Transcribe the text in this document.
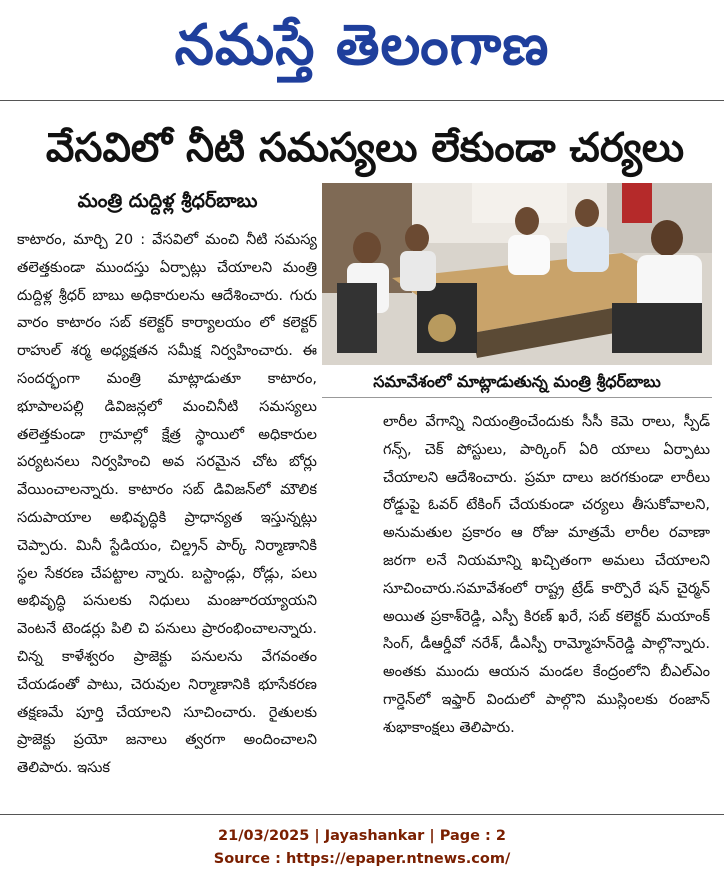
నమస్తే తెలంగాణ
వేసవిలో నీటి సమస్యలు లేకుండా చర్యలు
మంత్రి దుద్దిళ్ల శ్రీధర్‌బాబు
కాటారం, మార్చి 20 : వేసవిలో మంచి నీటి సమస్య తలెత్తకుండా ముందస్తు ఏర్పాట్లు చేయాలని మంత్రి దుద్దిళ్ల శ్రీధర్ బాబు అధికారులను ఆదేశించారు. గురు వారం కాటారం సబ్ కలెక్టర్ కార్యాలయం లో కలెక్టర్ రాహుల్ శర్మ అధ్యక్షతన సమీక్ష నిర్వహించారు. ఈ సందర్భంగా మంత్రి మాట్లాడుతూ కాటారం, భూపాలపల్లి డివిజన్లలో మంచినీటి సమస్యలు తలెత్తకుండా గ్రామాల్లో క్షేత్ర స్థాయిలో అధికారుల పర్యటనలు నిర్వహించి అవ సరమైన చోట బోర్లు వేయించాలన్నారు. కాటారం సబ్ డివిజన్‌లో మౌలిక సదుపాయాల అభివృద్ధికి ప్రాధాన్యత ఇస్తున్నట్లు చెప్పారు. మినీ స్టేడియం, చిల్డ్రన్ పార్క్ నిర్మాణానికి స్థల సేకరణ చేపట్టాల న్నారు. బస్టాండ్లు, రోడ్లు, పలు అభివృద్ధి పనులకు నిధులు మంజూరయ్యాయని వెంటనే టెండర్లు పిలి చి పనులు ప్రారంభించాలన్నారు. చిన్న కాళేశ్వరం ప్రాజెక్టు పనులను వేగవంతం చేయడంతో పాటు, చెరువుల నిర్మాణానికి భూసేకరణ తక్షణమే పూర్తి చేయాలని సూచించారు. రైతులకు ప్రాజెక్టు ప్రయో జనాలు త్వరగా అందించాలని తెలిపారు. ఇసుక
సమావేశంలో మాట్లాడుతున్న మంత్రి శ్రీధర్‌బాబు
లారీల వేగాన్ని నియంత్రించేందుకు సీసీ కెమె రాలు, స్పీడ్ గన్స్, చెక్ పోస్టులు, పార్కింగ్ ఏరి యాలు ఏర్పాటు చేయాలని ఆదేశించారు. ప్రమా దాలు జరగకుండా లారీలు రోడ్డుపై ఓవర్ టేకింగ్ చేయకుండా చర్యలు తీసుకోవాలని, అనుమతుల ప్రకారం ఆ రోజు మాత్రమే లారీల రవాణా జరగా లనే నియమాన్ని ఖచ్చితంగా అమలు చేయాలని సూచించారు.సమావేశంలో రాష్ట్ర ట్రేడ్ కార్పొరే షన్ చైర్మన్ అయిత ప్రకాశ్‌రెడ్డి, ఎస్పీ కిరణ్ ఖరే, సబ్ కలెక్టర్ మయాంక్ సింగ్, డీఆర్డీవో నరేశ్, డీఎస్పీ రామ్మోహన్‌రెడ్డి పాల్గొన్నారు. అంతకు ముందు ఆయన మండల కేంద్రంలోని బీఎల్ఎం గార్డెన్‌లో ఇఫ్తార్ విందులో పాల్గొని ముస్లింలకు రంజాన్ శుభాకాంక్షలు తెలిపారు.
21/03/2025 | Jayashankar | Page : 2
Source : https://epaper.ntnews.com/
